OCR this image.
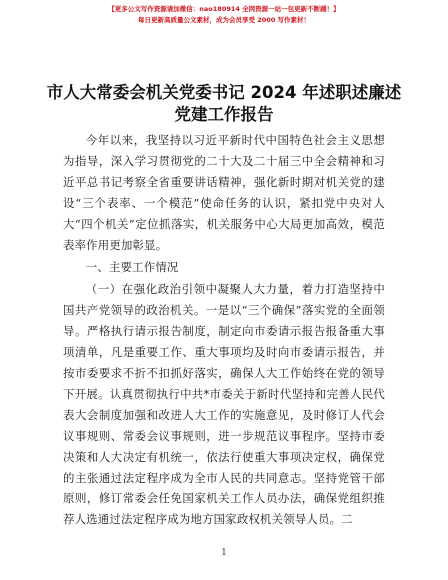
【更多公文写作资源请加微信：nao180914 全网资源一站一包更新不断踊！】
每日更新高质量公文素材，成为会员享受 2000 写作素材！
市人大常委会机关党委书记 2024 年述职述廉述
党建工作报告

今年以来，我坚持以习近平新时代中国特色社会主义思想为指导，深入学习贯彻党的二十大及二十届三中全会精神和习近平总书记考察全省重要讲话精神，强化新时期对机关党的建设“三个表率、一个模范”使命任务的认识，紧扣党中央对人大“四个机关”定位抓落实，机关服务中心大局更加高效，模范表率作用更加彰显。

一、主要工作情况

（一）在强化政治引领中凝聚人大力量，着力打造坚持中国共产党领导的政治机关。一是以“三个确保”落实党的全面领导。严格执行请示报告制度，制定向市委请示报告报备重大事项清单，凡是重要工作、重大事项均及时向市委请示报告，并按市委要求不折不扣抓好落实，确保人大工作始终在党的领导下开展。认真贯彻执行中共*市委关于新时代坚持和完善人民代表大会制度加强和改进人大工作的实施意见，及时修订人代会议事规则、常委会议事规则，进一步规范议事程序。坚持市委决策和人大决定有机统一，依法行使重大事项决定权，确保党的主张通过法定程序成为全市人民的共同意志。坚持党管干部原则，修订常委会任免国家机关工作人员办法，确保党组织推荐人选通过法定程序成为地方国家政权机关领导人员。二

1
